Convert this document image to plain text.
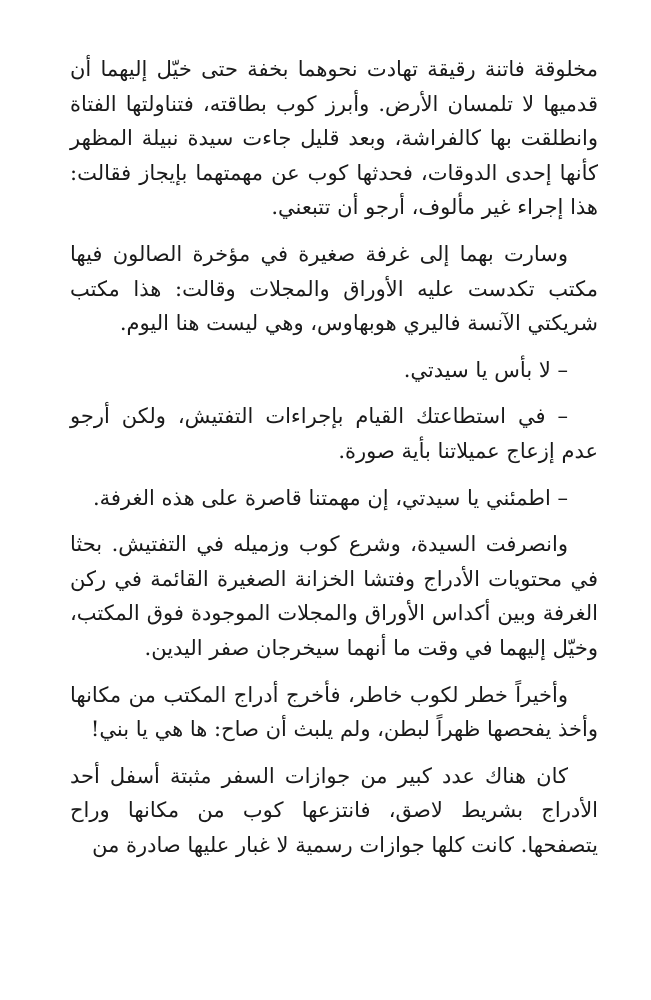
مخلوقة فاتنة رقيقة تهادت نحوهما بخفة حتى خيّل إليهما أن قدميها لا تلمسان الأرض. وأبرز كوب بطاقته، فتناولتها الفتاة وانطلقت بها كالفراشة، وبعد قليل جاءت سيدة نبيلة المظهر كأنها إحدى الدوقات، فحدثها كوب عن مهمتهما بإيجاز فقالت: هذا إجراء غير مألوف، أرجو أن تتبعني.

وسارت بهما إلى غرفة صغيرة في مؤخرة الصالون فيها مكتب تكدست عليه الأوراق والمجلات وقالت: هذا مكتب شريكتي الآنسة فاليري هوبهاوس، وهي ليست هنا اليوم.

– لا بأس يا سيدتي.

– في استطاعتك القيام بإجراءات التفتيش، ولكن أرجو عدم إزعاج عميلاتنا بأية صورة.

– اطمئني يا سيدتي، إن مهمتنا قاصرة على هذه الغرفة.

وانصرفت السيدة، وشرع كوب وزميله في التفتيش. بحثا في محتويات الأدراج وفتشا الخزانة الصغيرة القائمة في ركن الغرفة وبين أكداس الأوراق والمجلات الموجودة فوق المكتب، وخيّل إليهما في وقت ما أنهما سيخرجان صفر اليدين.

وأخيراً خطر لكوب خاطر، فأخرج أدراج المكتب من مكانها وأخذ يفحصها ظهراً لبطن، ولم يلبث أن صاح: ها هي يا بني!

كان هناك عدد كبير من جوازات السفر مثبتة أسفل أحد الأدراج بشريط لاصق، فانتزعها كوب من مكانها وراح يتصفحها. كانت كلها جوازات رسمية لا غبار عليها صادرة من
